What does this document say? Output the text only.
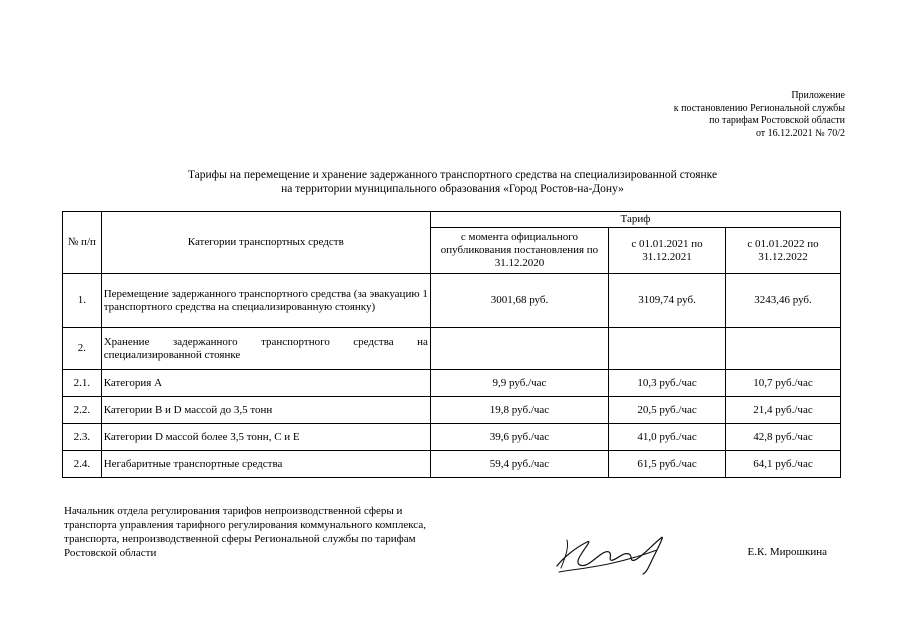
Приложение
к постановлению Региональной службы
по тарифам Ростовской области
от 16.12.2021 № 70/2
Тарифы на перемещение и хранение задержанного транспортного средства на специализированной стоянке
на территории муниципального образования «Город Ростов-на-Дону»
№ п/п	Категории транспортных средств	Тариф		
		с момента официального опубликования постановления по 31.12.2020	с 01.01.2021 по 31.12.2021	с 01.01.2022 по 31.12.2022
1.	Перемещение задержанного транспортного средства (за эвакуацию 1 транспортного средства на специализированную стоянку)	3001,68 руб.	3109,74 руб.	3243,46 руб.
2.	Хранение задержанного транспортного средства на специализированной стоянке			
2.1.	Категория А	9,9 руб./час	10,3 руб./час	10,7 руб./час
2.2.	Категории В и D массой до 3,5 тонн	19,8 руб./час	20,5 руб./час	21,4 руб./час
2.3.	Категории D массой более 3,5 тонн, С и Е	39,6 руб./час	41,0 руб./час	42,8 руб./час
2.4.	Негабаритные транспортные средства	59,4 руб./час	61,5 руб./час	64,1 руб./час
Начальник отдела регулирования тарифов непроизводственной сферы и
транспорта управления тарифного регулирования коммунального комплекса,
транспорта, непроизводственной сферы Региональной службы по тарифам
Ростовской области	Е.К. Мирошкина
